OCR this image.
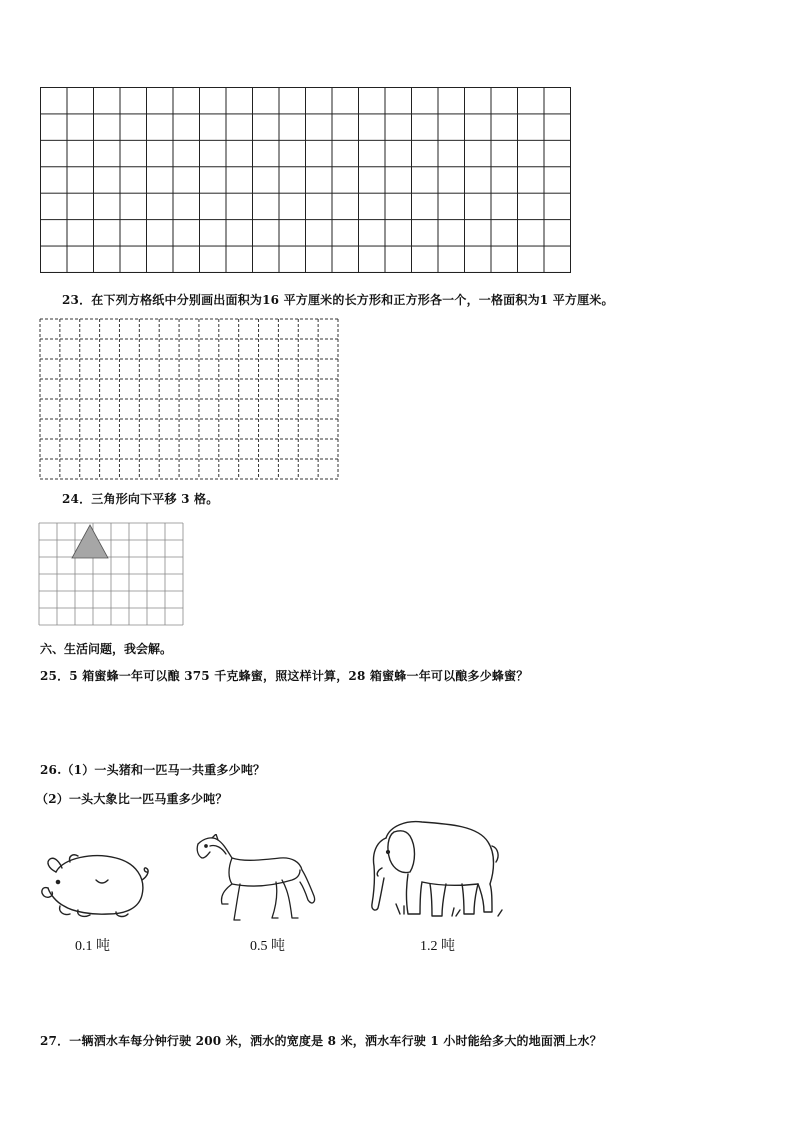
23．在下列方格纸中分别画出面积为16 平方厘米的长方形和正方形各一个，一格面积为1 平方厘米。
24．三角形向下平移 3 格。
六、生活问题，我会解。
25．5 箱蜜蜂一年可以酿 375 千克蜂蜜，照这样计算，28 箱蜜蜂一年可以酿多少蜂蜜？
26.（1）一头猪和一匹马一共重多少吨？
（2）一头大象比一匹马重多少吨？
0.1 吨	0.5 吨	1.2 吨
27．一辆洒水车每分钟行驶 200 米，洒水的宽度是 8 米，洒水车行驶 1 小时能给多大的地面洒上水？
